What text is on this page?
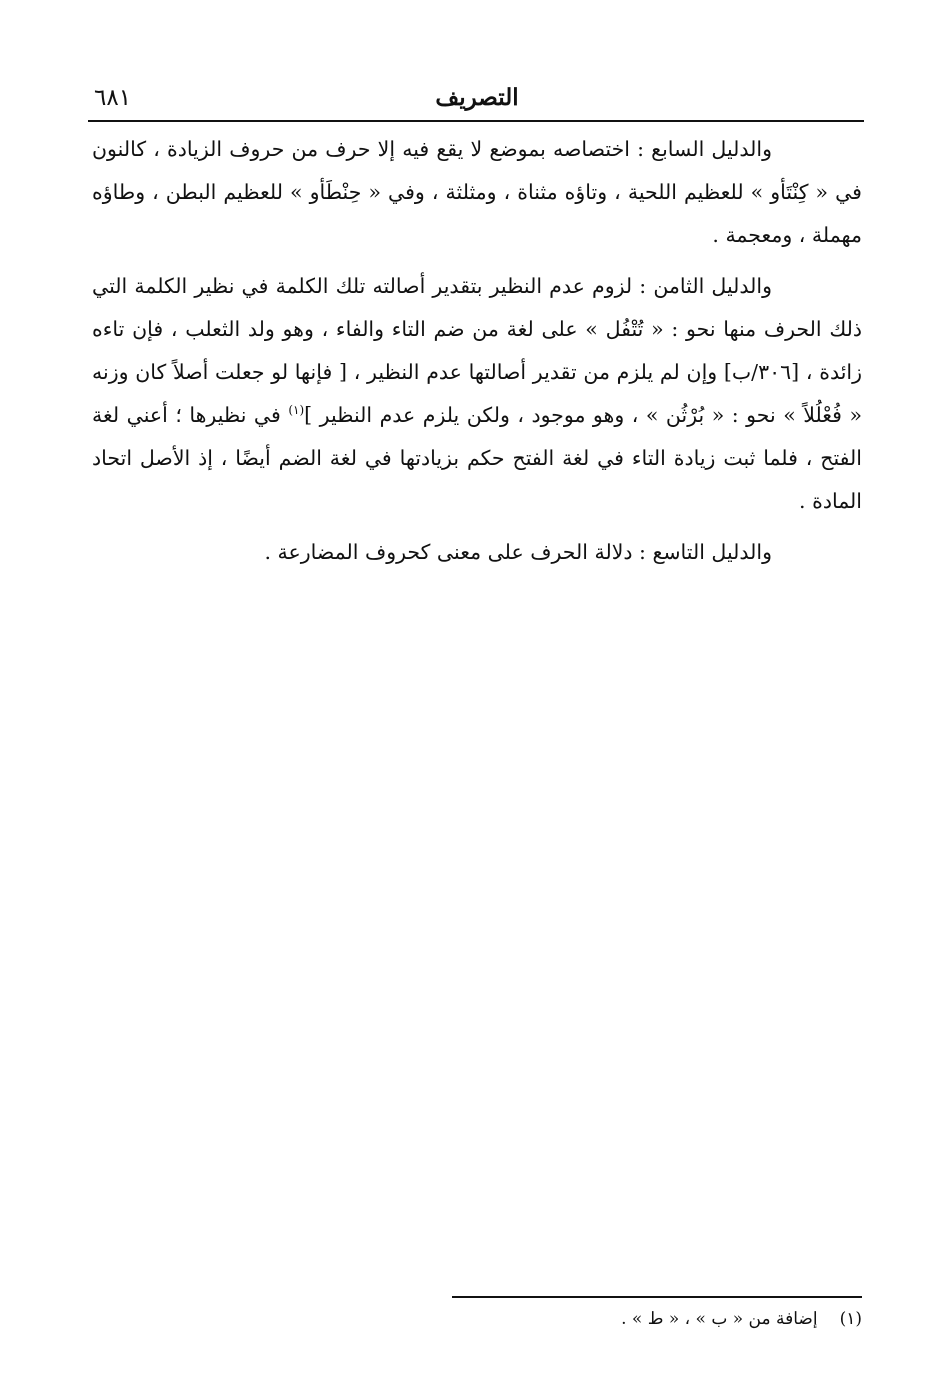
التصريف
٦٨١

والدليل السابع : اختصاصه بموضع لا يقع فيه إلا حرف من حروف الزيادة ، كالنون في « كِنْتَأو » للعظيم اللحية ، وتاؤه مثناة ، ومثلثة ، وفي « حِنْطَأو » للعظيم البطن ، وطاؤه مهملة ، ومعجمة .

والدليل الثامن : لزوم عدم النظير بتقدير أصالته تلك الكلمة في نظير الكلمة التي ذلك الحرف منها نحو : « تُتْفُل » على لغة من ضم التاء والفاء ، وهو ولد الثعلب ، فإن تاءه زائدة ، [٣٠٦/ب] وإن لم يلزم من تقدير أصالتها عدم النظير ، [ فإنها لو جعلت أصلاً كان وزنه « فُعْلُلاً » نحو : « بُرْثُن » ، وهو موجود ، ولكن يلزم عدم النظير ]$^{(١)}$ في نظيرها ؛ أعني لغة الفتح ، فلما ثبت زيادة التاء في لغة الفتح حكم بزيادتها في لغة الضم أيضًا ، إذ الأصل اتحاد المادة .

والدليل التاسع : دلالة الحرف على معنى كحروف المضارعة .

(١)إضافة من « ب » ، « ط » .
